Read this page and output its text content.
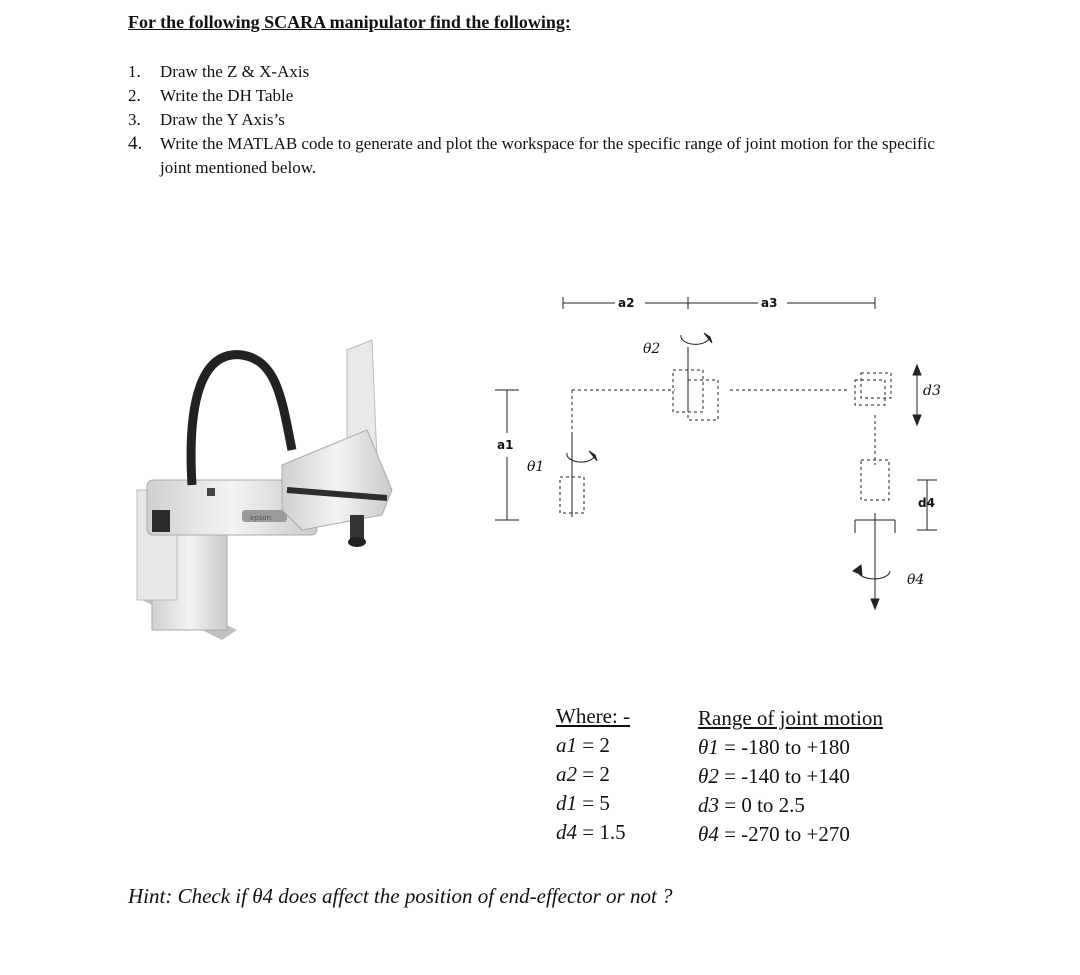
For the following SCARA manipulator find the following:
1.	Draw the Z & X-Axis
2.	Write the DH Table
3.	Draw the Y Axis’s
4.	Write the MATLAB code to generate and plot the workspace for the specific range of joint motion for the specific joint mentioned below.
epson
a2	a3
a1
d4
θ1
θ2
θ4
d3
Where: -
a1 = 2
a2 = 2
d1 = 5
d4 = 1.5
Range of joint motion
θ1 = -180 to +180
θ2 = -140 to +140
d3 = 0 to 2.5
θ4 = -270 to +270
Hint: Check if θ4 does affect the position of end-effector or not ?
